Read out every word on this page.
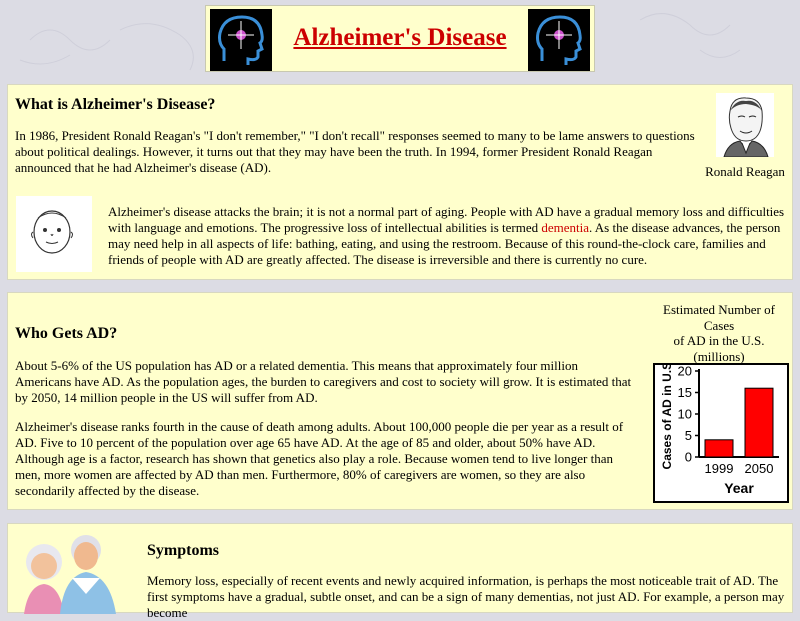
Alzheimer's Disease
What is Alzheimer's Disease?

In 1986, President Ronald Reagan's "I don't remember," "I don't recall" responses seemed to many to be lame answers to questions about political dealings. However, it turns out that they may have been the truth. In 1994, former President Ronald Reagan announced that he had Alzheimer's disease (AD).	Ronald Reagan

Alzheimer's disease attacks the brain; it is not a normal part of aging. People with AD have a gradual memory loss and difficulties with language and emotions. The progressive loss of intellectual abilities is termed dementia. As the disease advances, the person may need help in all aspects of life: bathing, eating, and using the restroom. Because of this round-the-clock care, families and friends of people with AD are greatly affected. The disease is irreversible and there is currently no cure.

Who Gets AD?

About 5-6% of the US population has AD or a related dementia. This means that approximately four million Americans have AD. As the population ages, the burden to caregivers and cost to society will grow. It is estimated that by 2050, 14 million people in the US will suffer from AD.

Alzheimer's disease ranks fourth in the cause of death among adults. About 100,000 people die per year as a result of AD. Five to 10 percent of the population over age 65 have AD. At the age of 85 and older, about 50% have AD. Although age is a factor, research has shown that genetics also play a role. Because women tend to live longer than men, more women are affected by AD than men. Furthermore, 80% of caregivers are women, so they are also secondarily affected by the disease.

Estimated Number of
Cases
of AD in the U.S.
(millions)
0
5
10
15
20
1999 2050
Year
Cases of AD in U.S.
Symptoms

Memory loss, especially of recent events and newly acquired information, is perhaps the most noticeable trait of AD. The first symptoms have a gradual, subtle onset, and can be a sign of many dementias, not just AD. For example, a person may become
